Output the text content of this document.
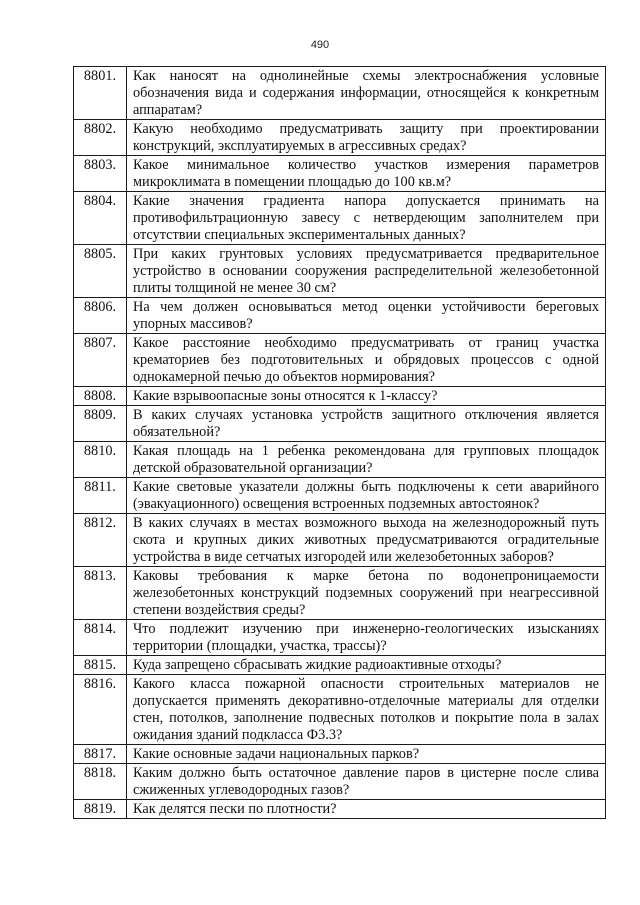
490
8801.	Как наносят на однолинейные схемы электроснабжения условные обозначения вида и содержания информации, относящейся к конкретным аппаратам?
8802.	Какую необходимо предусматривать защиту при проектировании конструкций, эксплуатируемых в агрессивных средах?
8803.	Какое минимальное количество участков измерения параметров микроклимата в помещении площадью до 100 кв.м?
8804.	Какие значения градиента напора допускается принимать на противофильтрационную завесу с нетвердеющим заполнителем при отсутствии специальных экспериментальных данных?
8805.	При каких грунтовых условиях предусматривается предварительное устройство в основании сооружения распределительной железобетонной плиты толщиной не менее 30 см?
8806.	На чем должен основываться метод оценки устойчивости береговых упорных массивов?
8807.	Какое расстояние необходимо предусматривать от границ участка крематориев без подготовительных и обрядовых процессов с одной однокамерной печью до объектов нормирования?
8808.	Какие взрывоопасные зоны относятся к 1-классу?
8809.	В каких случаях установка устройств защитного отключения является обязательной?
8810.	Какая площадь на 1 ребенка рекомендована для групповых площадок детской образовательной организации?
8811.	Какие световые указатели должны быть подключены к сети аварийного (эвакуационного) освещения встроенных подземных автостоянок?
8812.	В каких случаях в местах возможного выхода на железнодорожный путь скота и крупных диких животных предусматриваются оградительные устройства в виде сетчатых изгородей или железобетонных заборов?
8813.	Каковы требования к марке бетона по водонепроницаемости железобетонных конструкций подземных сооружений при неагрессивной степени воздействия среды?
8814.	Что подлежит изучению при инженерно-геологических изысканиях территории (площадки, участка, трассы)?
8815.	Куда запрещено сбрасывать жидкие радиоактивные отходы?
8816.	Какого класса пожарной опасности строительных материалов не допускается применять декоративно-отделочные материалы для отделки стен, потолков, заполнение подвесных потолков и покрытие пола в залах ожидания зданий подкласса Ф3.3?
8817.	Какие основные задачи национальных парков?
8818.	Каким должно быть остаточное давление паров в цистерне после слива сжиженных углеводородных газов?
8819.	Как делятся пески по плотности?
